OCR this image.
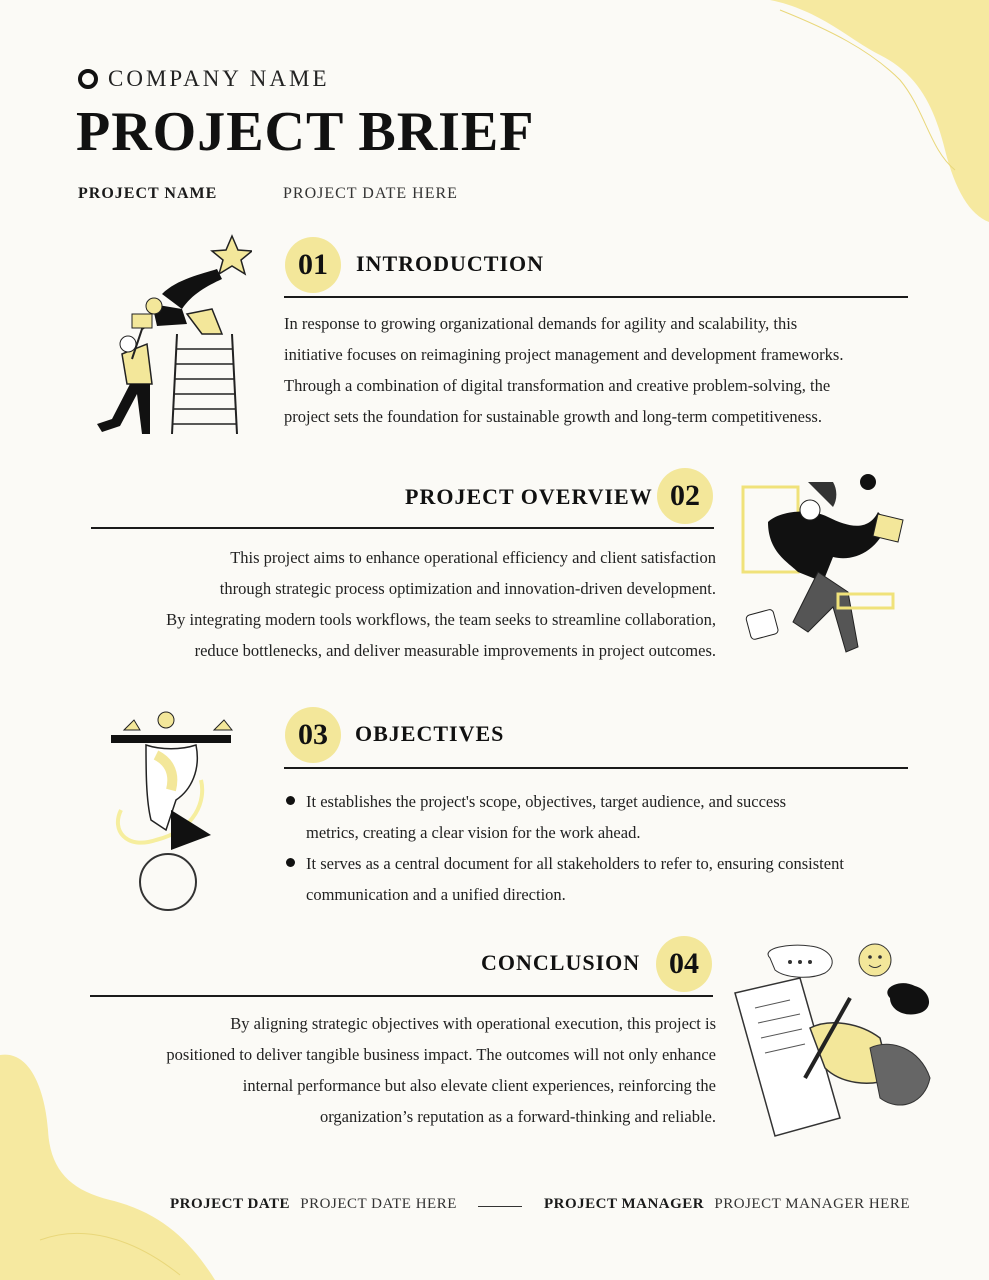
COMPANY NAME
PROJECT BRIEF
PROJECT NAME	PROJECT DATE HERE
01	INTRODUCTION

In response to growing organizational demands for agility and scalability, this

initiative focuses on reimagining project management and development frameworks.

Through a combination of digital transformation and creative problem-solving, the

project sets the foundation for sustainable growth and long-term competitiveness.

PROJECT OVERVIEW 02

This project aims to enhance operational efficiency and client satisfaction

through strategic process optimization and innovation-driven development.

By integrating modern tools workflows, the team seeks to streamline collaboration,

reduce bottlenecks, and deliver measurable improvements in project outcomes.

03	OBJECTIVES
It establishes the project's scope, objectives, target audience, and success
metrics, creating a clear vision for the work ahead.
It serves as a central document for all stakeholders to refer to, ensuring consistent
communication and a unified direction.
CONCLUSION 04

By aligning strategic objectives with operational execution, this project is

positioned to deliver tangible business impact. The outcomes will not only enhance

internal performance but also elevate client experiences, reinforcing the

organization’s reputation as a forward-thinking and reliable.

PROJECT DATE PROJECT DATE HERE	PROJECT MANAGER PROJECT MANAGER HERE
